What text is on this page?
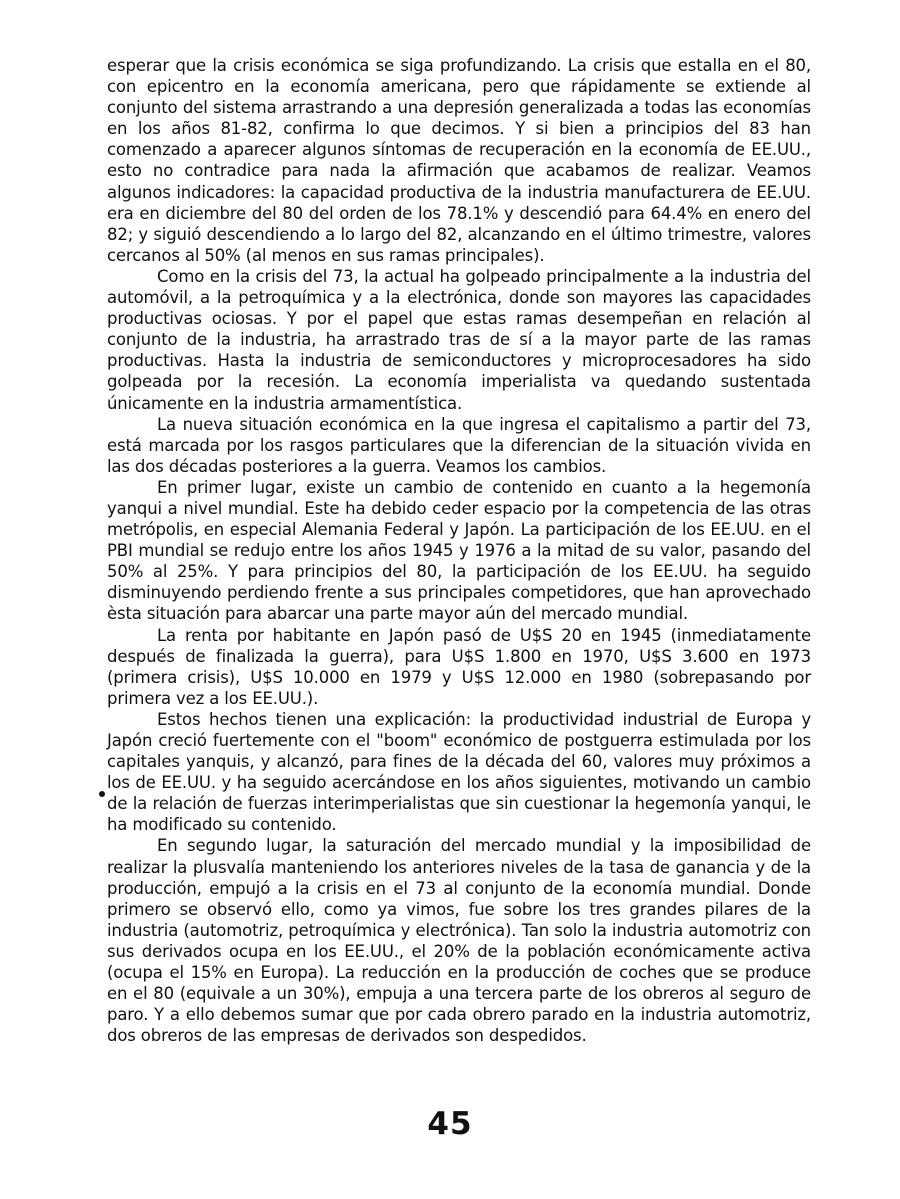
esperar que la crisis económica se siga profundizando. La crisis que estalla en el 80, con epicentro en la economía americana, pero que rápidamente se extiende al conjunto del sistema arrastrando a una depresión generalizada a todas las economías en los años 81-82, confirma lo que decimos. Y si bien a principios del 83 han comenzado a aparecer algunos síntomas de recuperación en la economía de EE.UU., esto no contradice para nada la afirmación que acabamos de realizar. Veamos algunos indicadores: la capacidad productiva de la industria manufacturera de EE.UU. era en diciembre del 80 del orden de los 78.1% y descendió para 64.4% en enero del 82; y siguió descendiendo a lo largo del 82, alcanzando en el último trimestre, valores cercanos al 50% (al menos en sus ramas principales).

Como en la crisis del 73, la actual ha golpeado principalmente a la industria del automóvil, a la petroquímica y a la electrónica, donde son mayores las capacidades productivas ociosas. Y por el papel que estas ramas desempeñan en relación al conjunto de la industria, ha arrastrado tras de sí a la mayor parte de las ramas productivas. Hasta la industria de semiconductores y microprocesadores ha sido golpeada por la recesión. La economía imperialista va quedando sustentada únicamente en la industria armamentística.

La nueva situación económica en la que ingresa el capitalismo a partir del 73, está marcada por los rasgos particulares que la diferencian de la situación vivida en las dos décadas posteriores a la guerra. Veamos los cambios.

En primer lugar, existe un cambio de contenido en cuanto a la hegemonía yanqui a nivel mundial. Este ha debido ceder espacio por la competencia de las otras metrópolis, en especial Alemania Federal y Japón. La participación de los EE.UU. en el PBI mundial se redujo entre los años 1945 y 1976 a la mitad de su valor, pasando del 50% al 25%. Y para principios del 80, la participación de los EE.UU. ha seguido disminuyendo perdiendo frente a sus principales competidores, que han aprovechado èsta situación para abarcar una parte mayor aún del mercado mundial.

La renta por habitante en Japón pasó de U$S 20 en 1945 (inmediatamente después de finalizada la guerra), para U$S 1.800 en 1970, U$S 3.600 en 1973 (primera crisis), U$S 10.000 en 1979 y U$S 12.000 en 1980 (sobrepasando por primera vez a los EE.UU.).

Estos hechos tienen una explicación: la productividad industrial de Europa y Japón creció fuertemente con el "boom" económico de postguerra estimulada por los capitales yanquis, y alcanzó, para fines de la década del 60, valores muy próximos a los de EE.UU. y ha seguido acercándose en los años siguientes, motivando un cambio de la relación de fuerzas interimperialistas que sin cuestionar la hegemonía yanqui, le ha modificado su contenido.

En segundo lugar, la saturación del mercado mundial y la imposibilidad de realizar la plusvalía manteniendo los anteriores niveles de la tasa de ganancia y de la producción, empujó a la crisis en el 73 al conjunto de la economía mundial. Donde primero se observó ello, como ya vimos, fue sobre los tres grandes pilares de la industria (automotriz, petroquímica y electrónica). Tan solo la industria automotriz con sus derivados ocupa en los EE.UU., el 20% de la población económicamente activa (ocupa el 15% en Europa). La reducción en la producción de coches que se produce en el 80 (equivale a un 30%), empuja a una tercera parte de los obreros al seguro de paro. Y a ello debemos sumar que por cada obrero parado en la industria automotriz, dos obreros de las empresas de derivados son despedidos.

45
